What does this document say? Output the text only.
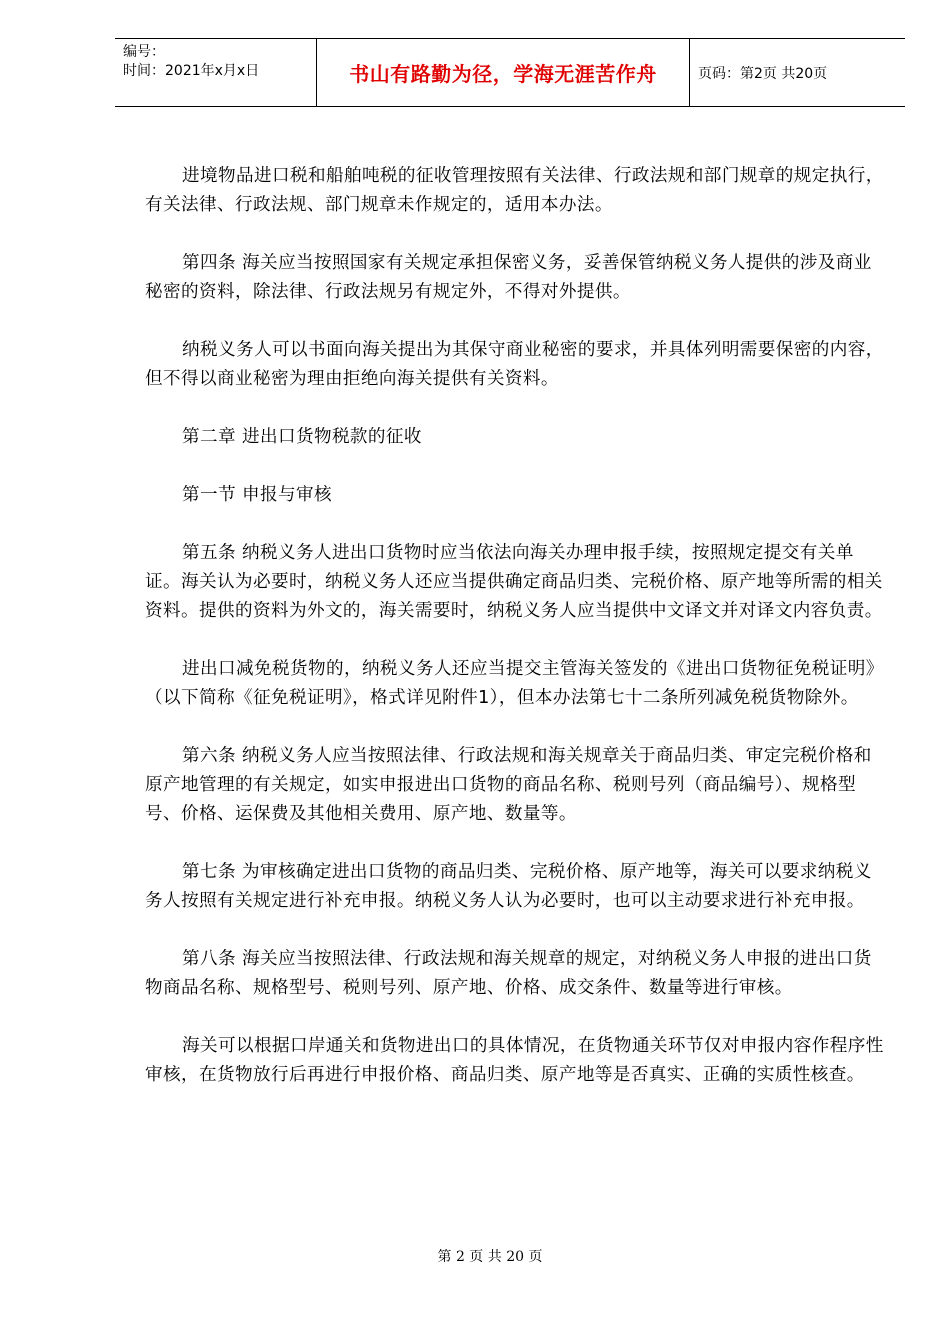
编号：
时间：2021年x月x日	书山有路勤为径，学海无涯苦作舟	页码：第2页 共20页

进境物品进口税和船舶吨税的征收管理按照有关法律、行政法规和部门规章的规定执行，有关法律、行政法规、部门规章未作规定的，适用本办法。

第四条 海关应当按照国家有关规定承担保密义务，妥善保管纳税义务人提供的涉及商业秘密的资料，除法律、行政法规另有规定外，不得对外提供。

纳税义务人可以书面向海关提出为其保守商业秘密的要求，并具体列明需要保密的内容，但不得以商业秘密为理由拒绝向海关提供有关资料。

第二章 进出口货物税款的征收

第一节 申报与审核

第五条 纳税义务人进出口货物时应当依法向海关办理申报手续，按照规定提交有关单证。海关认为必要时，纳税义务人还应当提供确定商品归类、完税价格、原产地等所需的相关资料。提供的资料为外文的，海关需要时，纳税义务人应当提供中文译文并对译文内容负责。

进出口减免税货物的，纳税义务人还应当提交主管海关签发的《进出口货物征免税证明》（以下简称《征免税证明》，格式详见附件1），但本办法第七十二条所列减免税货物除外。

第六条 纳税义务人应当按照法律、行政法规和海关规章关于商品归类、审定完税价格和原产地管理的有关规定，如实申报进出口货物的商品名称、税则号列（商品编号）、规格型号、价格、运保费及其他相关费用、原产地、数量等。

第七条 为审核确定进出口货物的商品归类、完税价格、原产地等，海关可以要求纳税义务人按照有关规定进行补充申报。纳税义务人认为必要时，也可以主动要求进行补充申报。

第八条 海关应当按照法律、行政法规和海关规章的规定，对纳税义务人申报的进出口货物商品名称、规格型号、税则号列、原产地、价格、成交条件、数量等进行审核。

海关可以根据口岸通关和货物进出口的具体情况，在货物通关环节仅对申报内容作程序性审核，在货物放行后再进行申报价格、商品归类、原产地等是否真实、正确的实质性核查。

第 2 页 共 20 页
